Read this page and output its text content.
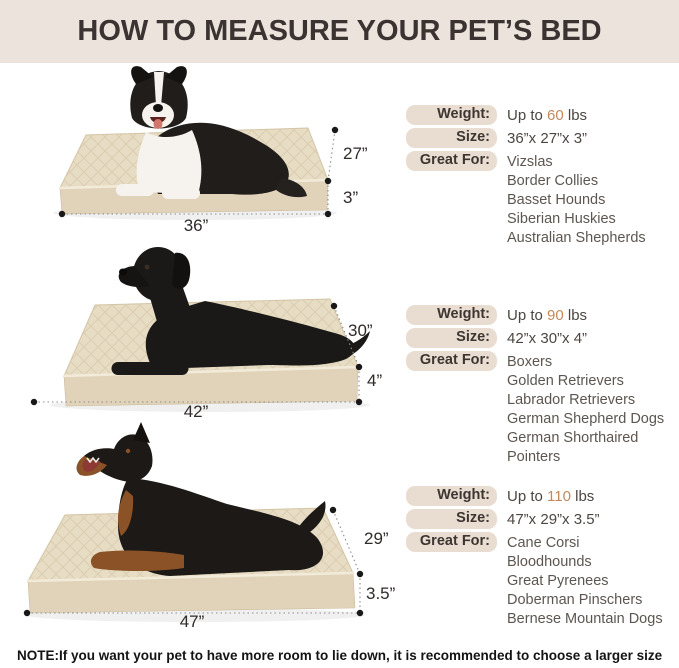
HOW TO MEASURE YOUR PET’S BED
27”
3”
36”
Weight:	Up to 60 lbs
Size:	36”x 27”x 3”
Great For:	Vizslas
Border Collies
Basset Hounds
Siberian Huskies
Australian Shepherds
30”
4”
42”
Weight:	Up to 90 lbs
Size:	42”x 30”x 4”
Great For:	Boxers
Golden Retrievers
Labrador Retrievers
German Shepherd Dogs
German Shorthaired Pointers
29”
3.5”
47”
Weight:	Up to 110 lbs
Size:	47”x 29”x 3.5”
Great For:	Cane Corsi
Bloodhounds
Great Pyrenees
Doberman Pinschers
Bernese Mountain Dogs
NOTE:If you want your pet to have more room to lie down, it is recommended to choose a larger size
